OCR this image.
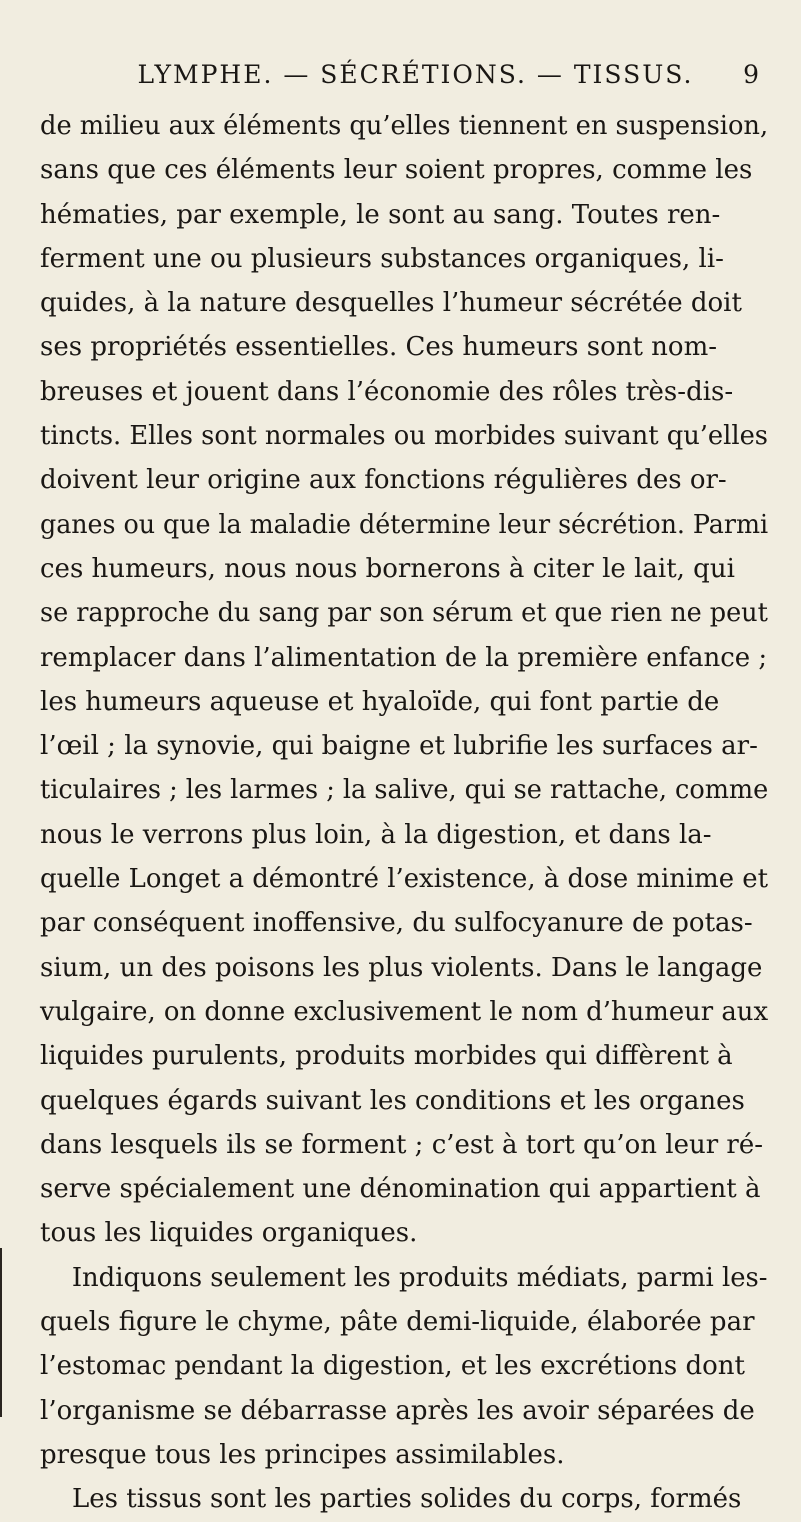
LYMPHE. — SÉCRÉTIONS. — TISSUS.	9

de milieu aux éléments qu’elles tiennent en suspension,

sans que ces éléments leur soient propres, comme les

hématies, par exemple, le sont au sang. Toutes ren-

ferment une ou plusieurs substances organiques, li-

quides, à la nature desquelles l’humeur sécrétée doit

ses propriétés essentielles. Ces humeurs sont nom-

breuses et jouent dans l’économie des rôles très-dis-

tincts. Elles sont normales ou morbides suivant qu’elles

doivent leur origine aux fonctions régulières des or-

ganes ou que la maladie détermine leur sécrétion. Parmi

ces humeurs, nous nous bornerons à citer le lait, qui

se rapproche du sang par son sérum et que rien ne peut

remplacer dans l’alimentation de la première enfance ;

les humeurs aqueuse et hyaloïde, qui font partie de

l’œil ; la synovie, qui baigne et lubrifie les surfaces ar-

ticulaires ; les larmes ; la salive, qui se rattache, comme

nous le verrons plus loin, à la digestion, et dans la-

quelle Longet a démontré l’existence, à dose minime et

par conséquent inoffensive, du sulfocyanure de potas-

sium, un des poisons les plus violents. Dans le langage

vulgaire, on donne exclusivement le nom d’humeur aux

liquides purulents, produits morbides qui diffèrent à

quelques égards suivant les conditions et les organes

dans lesquels ils se forment ; c’est à tort qu’on leur ré-

serve spécialement une dénomination qui appartient à

tous les liquides organiques.

Indiquons seulement les produits médiats, parmi les-

quels figure le chyme, pâte demi-liquide, élaborée par

l’estomac pendant la digestion, et les excrétions dont

l’organisme se débarrasse après les avoir séparées de

presque tous les principes assimilables.

Les tissus sont les parties solides du corps, formés
